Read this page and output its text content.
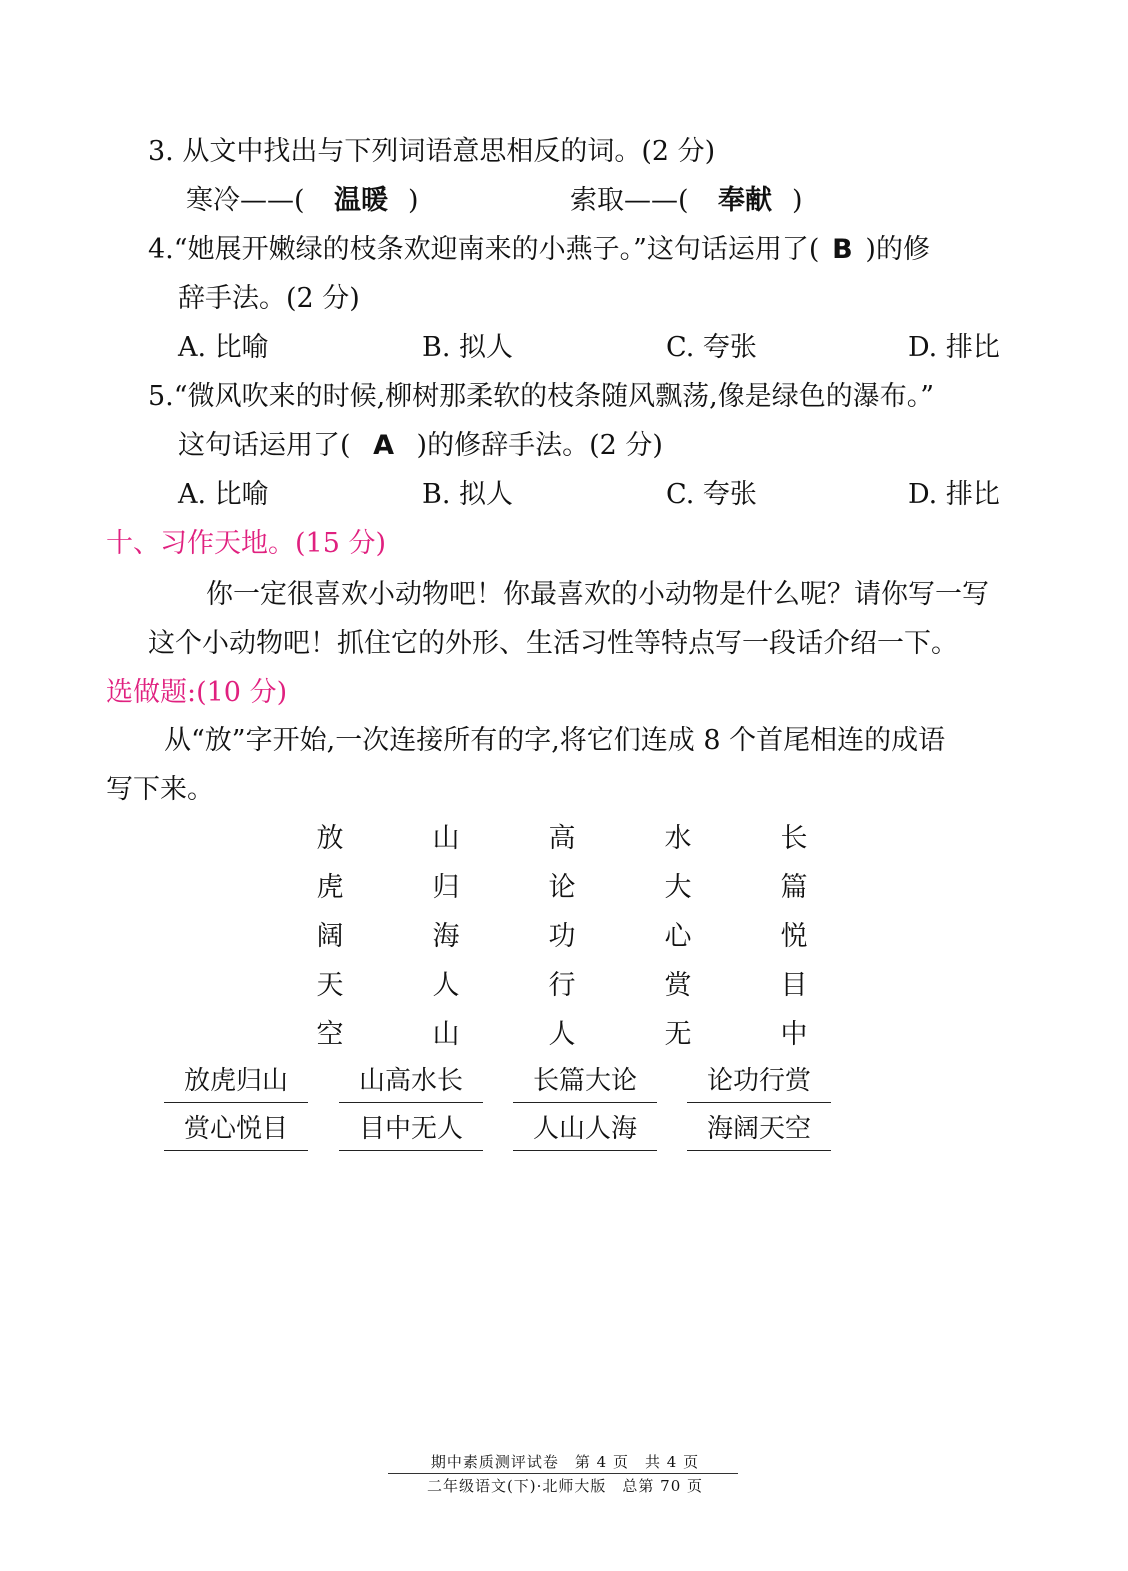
3. 从文中找出与下列词语意思相反的词。(2 分)
寒冷——( 温暖 )	索取——( 奉献 )
4.“她展开嫩绿的枝条欢迎南来的小燕子。”这句话运用了( B )的修
辞手法。(2 分)
A. 比喻	B. 拟人	C. 夸张	D. 排比
5.“微风吹来的时候,柳树那柔软的枝条随风飘荡,像是绿色的瀑布。”
这句话运用了( A )的修辞手法。(2 分)
A. 比喻	B. 拟人	C. 夸张	D. 排比
十、习作天地。(15 分)
你一定很喜欢小动物吧！你最喜欢的小动物是什么呢？请你写一写
这个小动物吧！抓住它的外形、生活习性等特点写一段话介绍一下。
选做题:(10 分)
从“放”字开始,一次连接所有的字,将它们连成 8 个首尾相连的成语
写下来。
放	山	高	水	长
虎	归	论	大	篇
阔	海	功	心	悦
天	人	行	赏	目
空	山	人	无	中
放虎归山	山高水长	长篇大论	论功行赏
赏心悦目	目中无人	人山人海	海阔天空
期中素质测评试卷　第 4 页　共 4 页
二年级语文(下)·北师大版　总第 70 页
